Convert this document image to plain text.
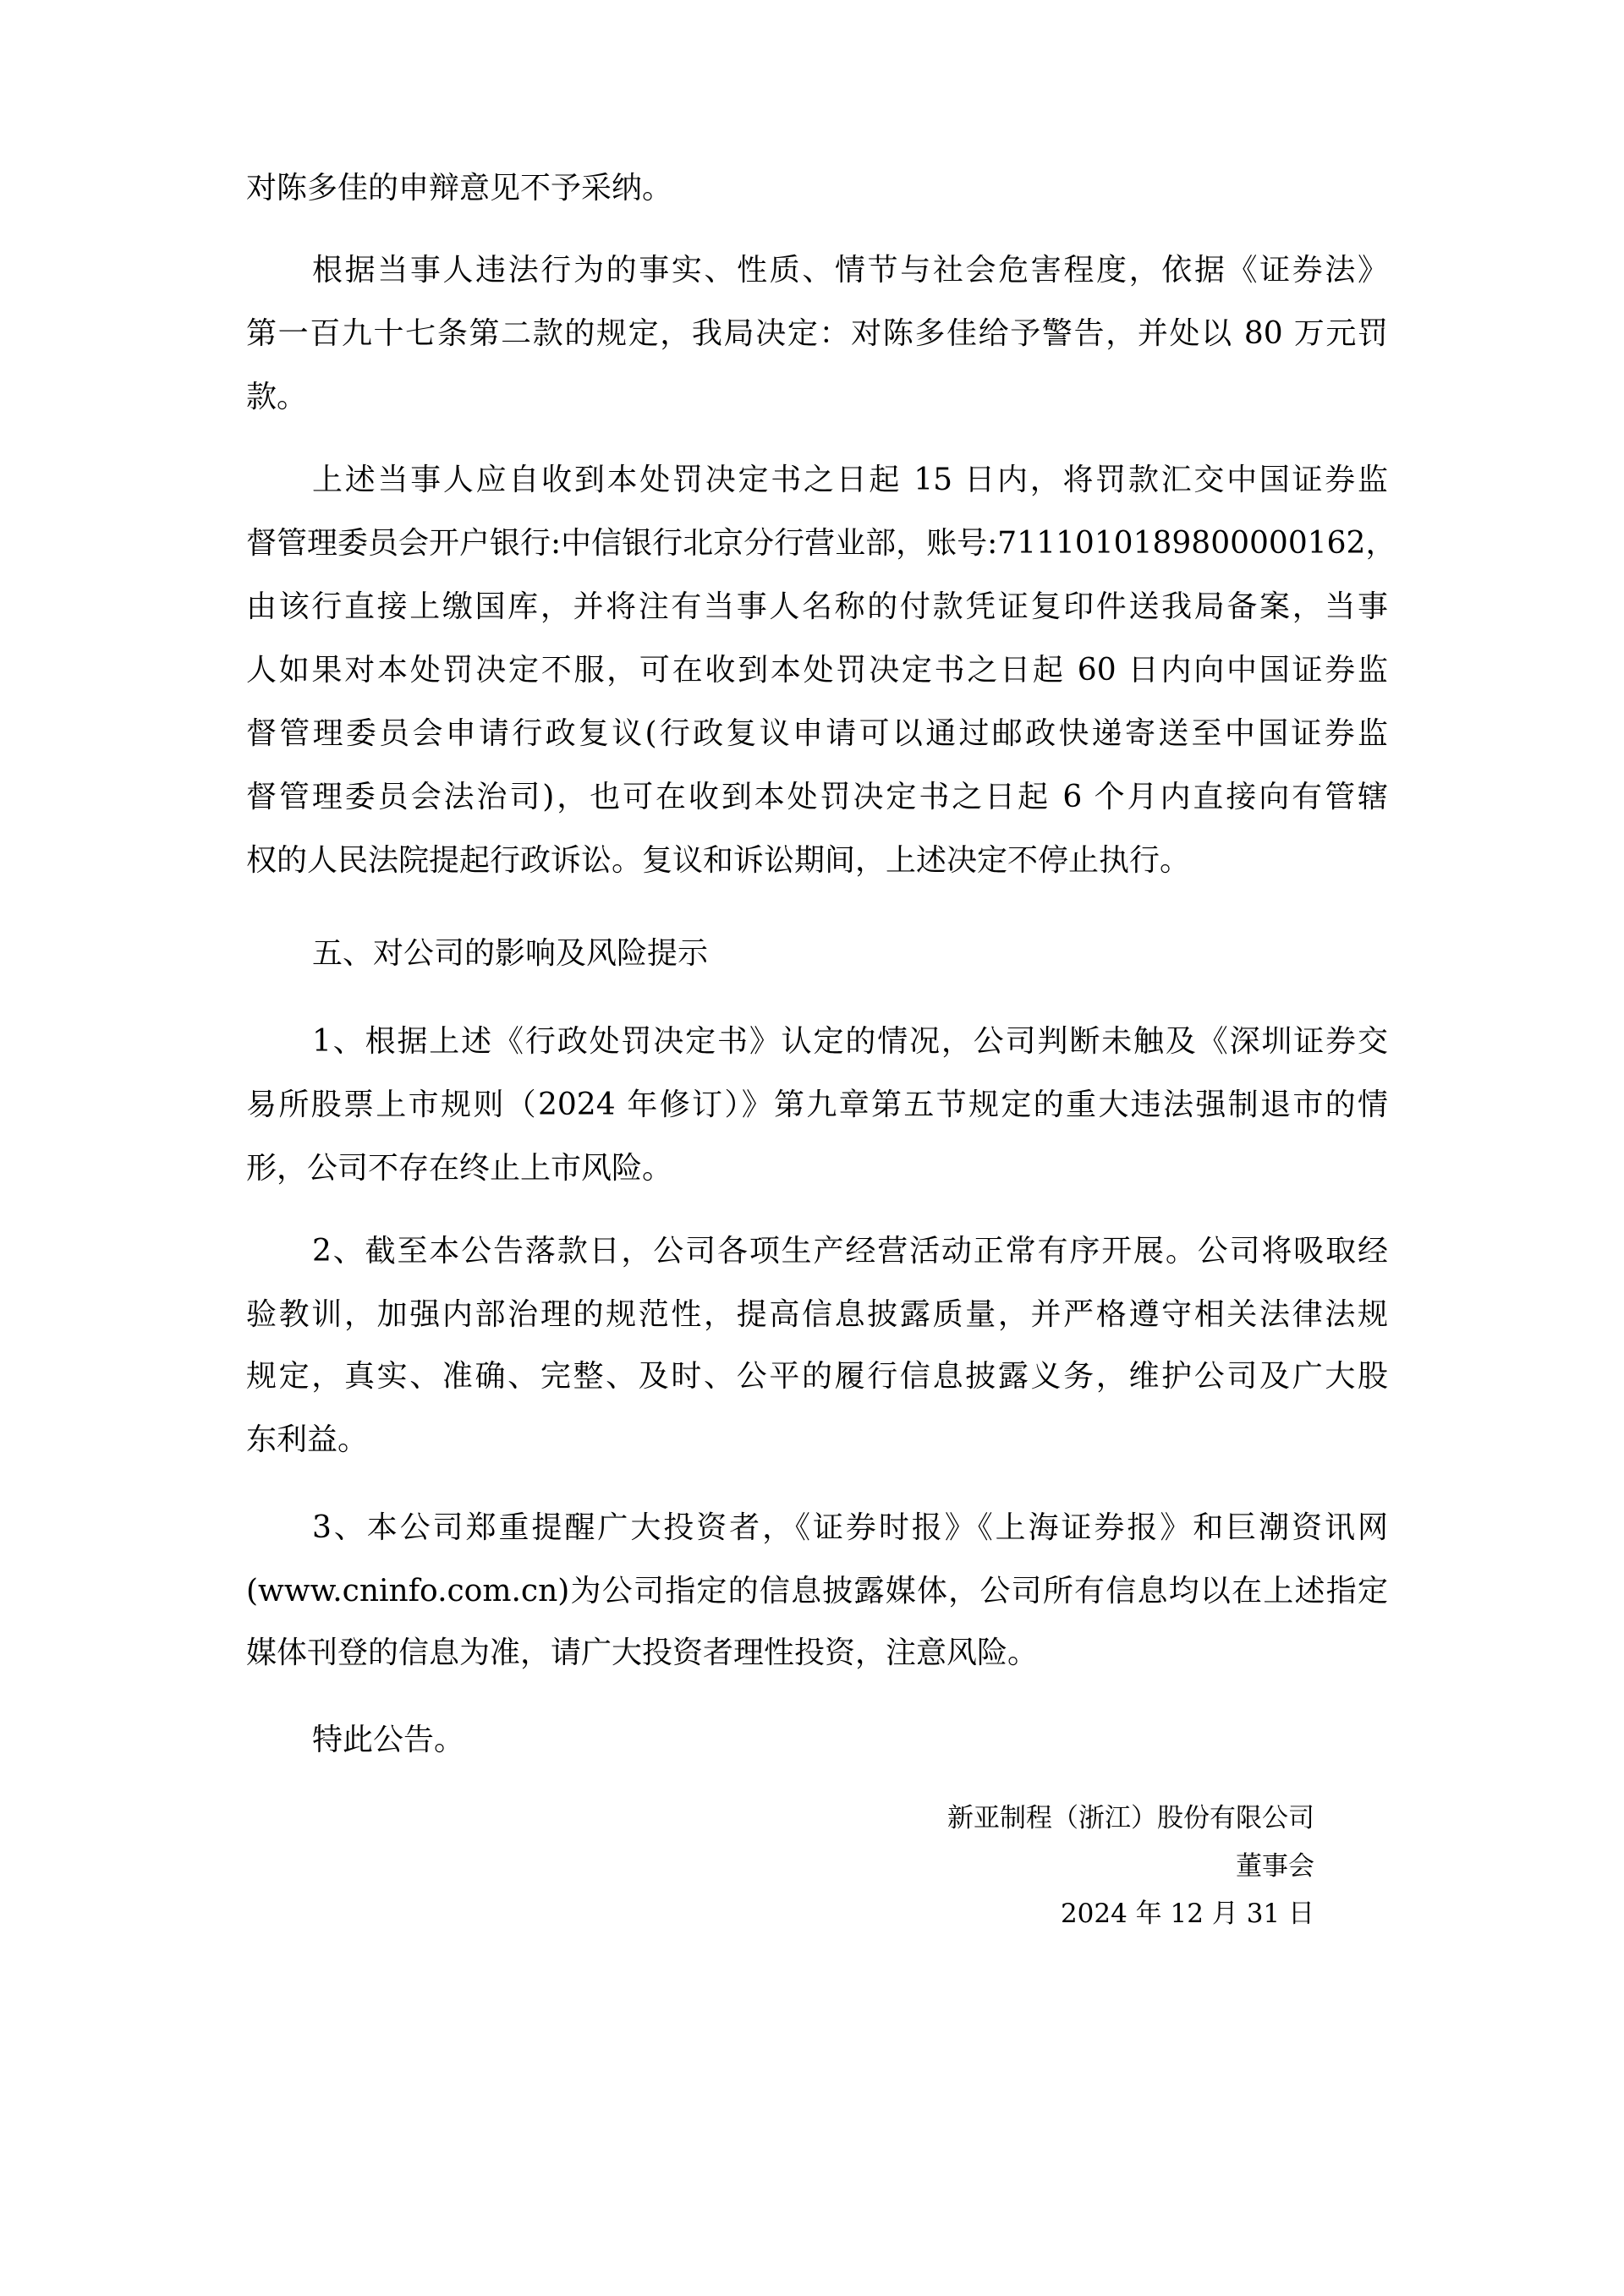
对陈多佳的申辩意见不予采纳。
根据当事人违法行为的事实、性质、情节与社会危害程度，依据《证券法》
第一百九十七条第二款的规定，我局决定：对陈多佳给予警告，并处以 80 万元罚
款。
上述当事人应自收到本处罚决定书之日起 15 日内，将罚款汇交中国证券监
督管理委员会开户银行:中信银行北京分行营业部，账号:7111010189800000162，
由该行直接上缴国库，并将注有当事人名称的付款凭证复印件送我局备案，当事
人如果对本处罚决定不服，可在收到本处罚决定书之日起 60 日内向中国证券监
督管理委员会申请行政复议(行政复议申请可以通过邮政快递寄送至中国证券监
督管理委员会法治司)，也可在收到本处罚决定书之日起 6 个月内直接向有管辖
权的人民法院提起行政诉讼。复议和诉讼期间，上述决定不停止执行。
五、对公司的影响及风险提示
1、根据上述《行政处罚决定书》认定的情况，公司判断未触及《深圳证券交
易所股票上市规则（2024 年修订）》第九章第五节规定的重大违法强制退市的情
形，公司不存在终止上市风险。
2、截至本公告落款日，公司各项生产经营活动正常有序开展。公司将吸取经
验教训，加强内部治理的规范性，提高信息披露质量，并严格遵守相关法律法规
规定，真实、准确、完整、及时、公平的履行信息披露义务，维护公司及广大股
东利益。
3、本公司郑重提醒广大投资者，《证券时报》《上海证券报》和巨潮资讯网
(www.cninfo.com.cn)为公司指定的信息披露媒体，公司所有信息均以在上述指定
媒体刊登的信息为准，请广大投资者理性投资，注意风险。
特此公告。
新亚制程（浙江）股份有限公司
董事会
2024 年 12 月 31 日
